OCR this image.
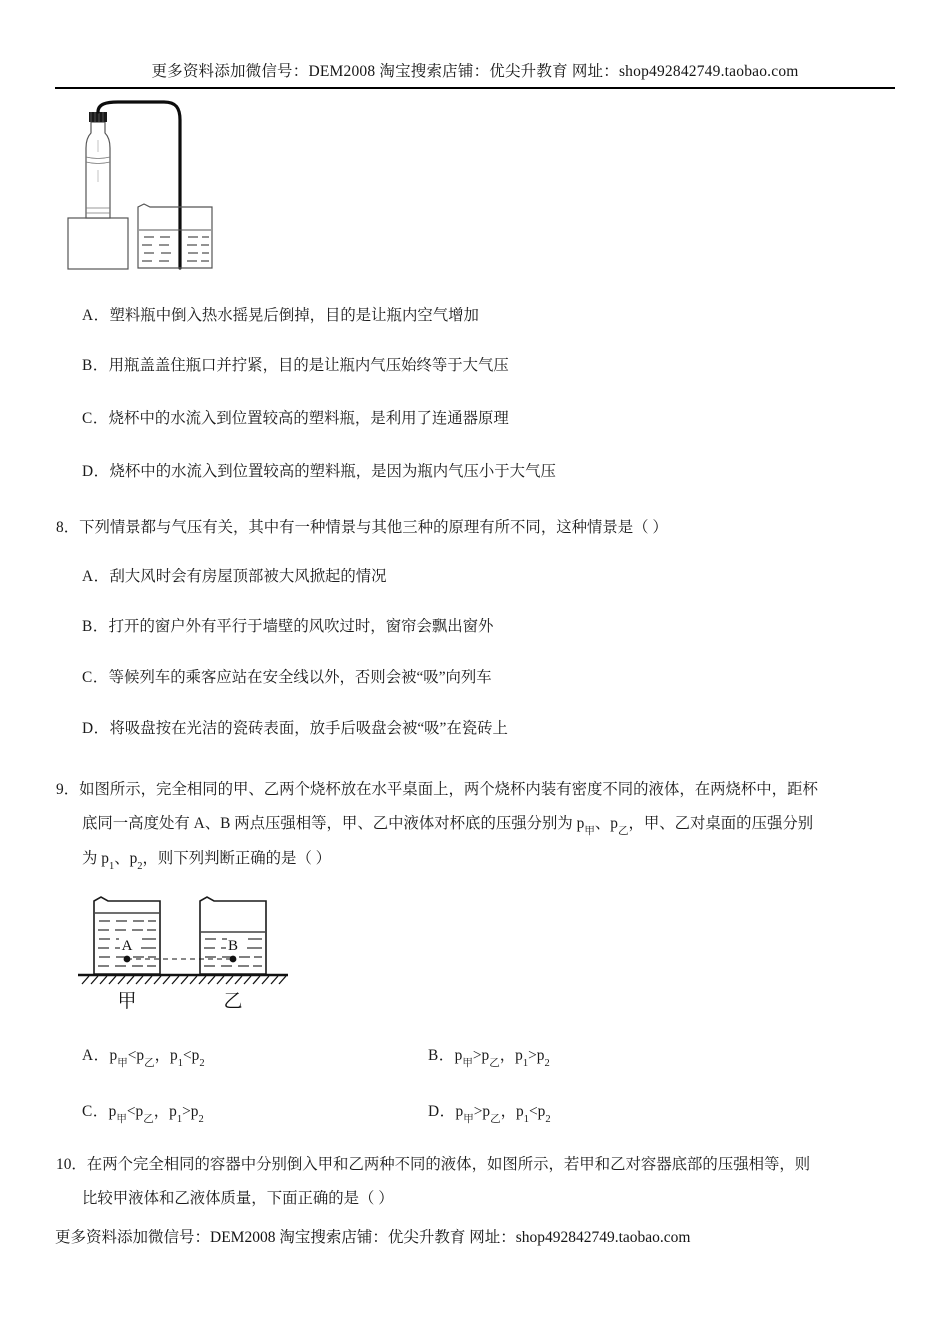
更多资料添加微信号：DEM2008 淘宝搜索店铺：优尖升教育 网址：shop492842749.taobao.com
A．塑料瓶中倒入热水摇晃后倒掉，目的是让瓶内空气增加
B．用瓶盖盖住瓶口并拧紧，目的是让瓶内气压始终等于大气压
C．烧杯中的水流入到位置较高的塑料瓶，是利用了连通器原理
D．烧杯中的水流入到位置较高的塑料瓶，是因为瓶内气压小于大气压
8．下列情景都与气压有关，其中有一种情景与其他三种的原理有所不同，这种情景是（ ）
A．刮大风时会有房屋顶部被大风掀起的情况
B．打开的窗户外有平行于墙壁的风吹过时，窗帘会飘出窗外
C．等候列车的乘客应站在安全线以外，否则会被“吸”向列车
D．将吸盘按在光洁的瓷砖表面，放手后吸盘会被“吸”在瓷砖上
9．如图所示，完全相同的甲、乙两个烧杯放在水平桌面上，两个烧杯内装有密度不同的液体，在两烧杯中，距杯
底同一高度处有 A、B 两点压强相等，甲、乙中液体对杯底的压强分别为 $p_甲$、$p_乙$，甲、乙对桌面的压强分别
为 $p_1$、$p_2$，则下列判断正确的是（ ）
A	B
甲	乙
A．$p_甲<p_乙$，$p_1<p_2$	B．$p_甲>p_乙$，$p_1>p_2$
C．$p_甲<p_乙$，$p_1>p_2$	D．$p_甲>p_乙$，$p_1<p_2$
10．在两个完全相同的容器中分别倒入甲和乙两种不同的液体，如图所示，若甲和乙对容器底部的压强相等，则
比较甲液体和乙液体质量，下面正确的是（ ）
更多资料添加微信号：DEM2008 淘宝搜索店铺：优尖升教育 网址：shop492842749.taobao.com
